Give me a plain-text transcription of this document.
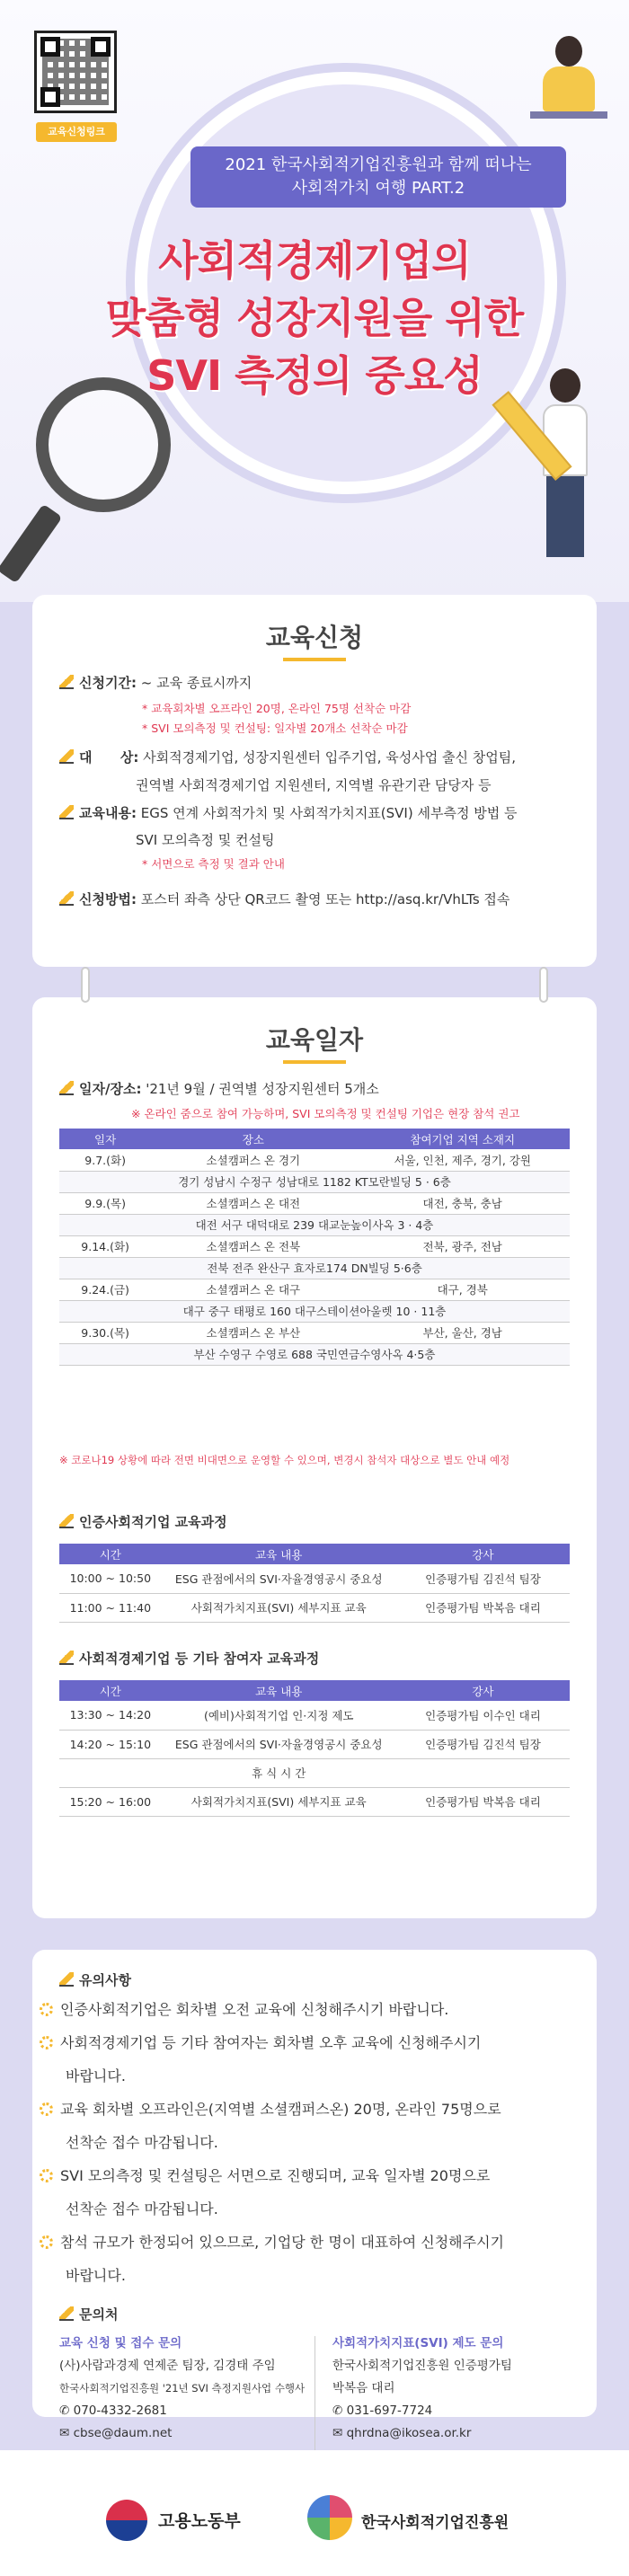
교육신청링크
2021 한국사회적기업진흥원과 함께 떠나는
사회적가치 여행 PART.2
사회적경제기업의
맞춤형 성장지원을 위한
SVI 측정의 중요성
교육신청
신청기간: ~ 교육 종료시까지
* 교육회차별 오프라인 20명, 온라인 75명 선착순 마감
* SVI 모의측정 및 컨설팅: 일자별 20개소 선착순 마감
대      상: 사회적경제기업, 성장지원센터 입주기업, 육성사업 출신 창업팀,
권역별 사회적경제기업 지원센터, 지역별 유관기관 담당자 등
교육내용: EGS 연계 사회적가치 및 사회적가치지표(SVI) 세부측정 방법 등
SVI 모의측정 및 컨설팅
* 서면으로 측정 및 결과 안내
신청방법: 포스터 좌측 상단 QR코드 촬영 또는 http://asq.kr/VhLTs 접속
교육일자
일자/장소: '21년 9월 / 권역별 성장지원센터 5개소
※ 온라인 줌으로 참여 가능하며, SVI 모의측정 및 컨설팅 기업은 현장 참석 권고
일자	장소	참여기업 지역 소재지
9.7.(화)	소셜캠퍼스 온 경기	서울, 인천, 제주, 경기, 강원
경기 성남시 수정구 성남대로 1182 KT모란빌딩 5 · 6층		
9.9.(목)	소셜캠퍼스 온 대전	대전, 충북, 충남
대전 서구 대덕대로 239 대교눈높이사옥 3 · 4층		
9.14.(화)	소셜캠퍼스 온 전북	전북, 광주, 전남
전북 전주 완산구 효자로174 DN빌딩 5·6층		
9.24.(금)	소셜캠퍼스 온 대구	대구, 경북
대구 중구 태평로 160 대구스테이션아울렛 10 · 11층		
9.30.(목)	소셜캠퍼스 온 부산	부산, 울산, 경남
부산 수영구 수영로 688 국민연금수영사옥 4·5층		
※ 코로나19 상황에 따라 전면 비대면으로 운영할 수 있으며, 변경시 참석자 대상으로 별도 안내 예정
인증사회적기업 교육과정
시간	교육 내용	강사
10:00 ~ 10:50	ESG 관점에서의 SVI·자율경영공시 중요성	인증평가팀 김진석 팀장
11:00 ~ 11:40	사회적가치지표(SVI) 세부지표 교육	인증평가팀 박복음 대리
사회적경제기업 등 기타 참여자 교육과정
시간	교육 내용	강사
13:30 ~ 14:20	(예비)사회적기업 인·지정 제도	인증평가팀 이수인 대리
14:20 ~ 15:10	ESG 관점에서의 SVI·자율경영공시 중요성	인증평가팀 김진석 팀장
	휴 식 시 간	
15:20 ~ 16:00	사회적가치지표(SVI) 세부지표 교육	인증평가팀 박복음 대리
유의사항
인증사회적기업은 회차별 오전 교육에 신청해주시기 바랍니다.
사회적경제기업 등 기타 참여자는 회차별 오후 교육에 신청해주시기
바랍니다.
교육 회차별 오프라인은(지역별 소셜캠퍼스온) 20명, 온라인 75명으로
선착순 접수 마감됩니다.
SVI 모의측정 및 컨설팅은 서면으로 진행되며, 교육 일자별 20명으로
선착순 접수 마감됩니다.
참석 규모가 한정되어 있으므로, 기업당 한 명이 대표하여 신청해주시기
바랍니다.
문의처
교육 신청 및 접수 문의
(사)사람과경제 연제준 팀장, 김경태 주임
한국사회적기업진흥원 '21년 SVI 측정지원사업 수행사
✆ 070-4332-2681
✉ cbse@daum.net
사회적가치지표(SVI) 제도 문의
한국사회적기업진흥원 인증평가팀
박복음 대리
✆ 031-697-7724
✉ qhrdna@ikosea.or.kr
고용노동부	한국사회적기업진흥원
